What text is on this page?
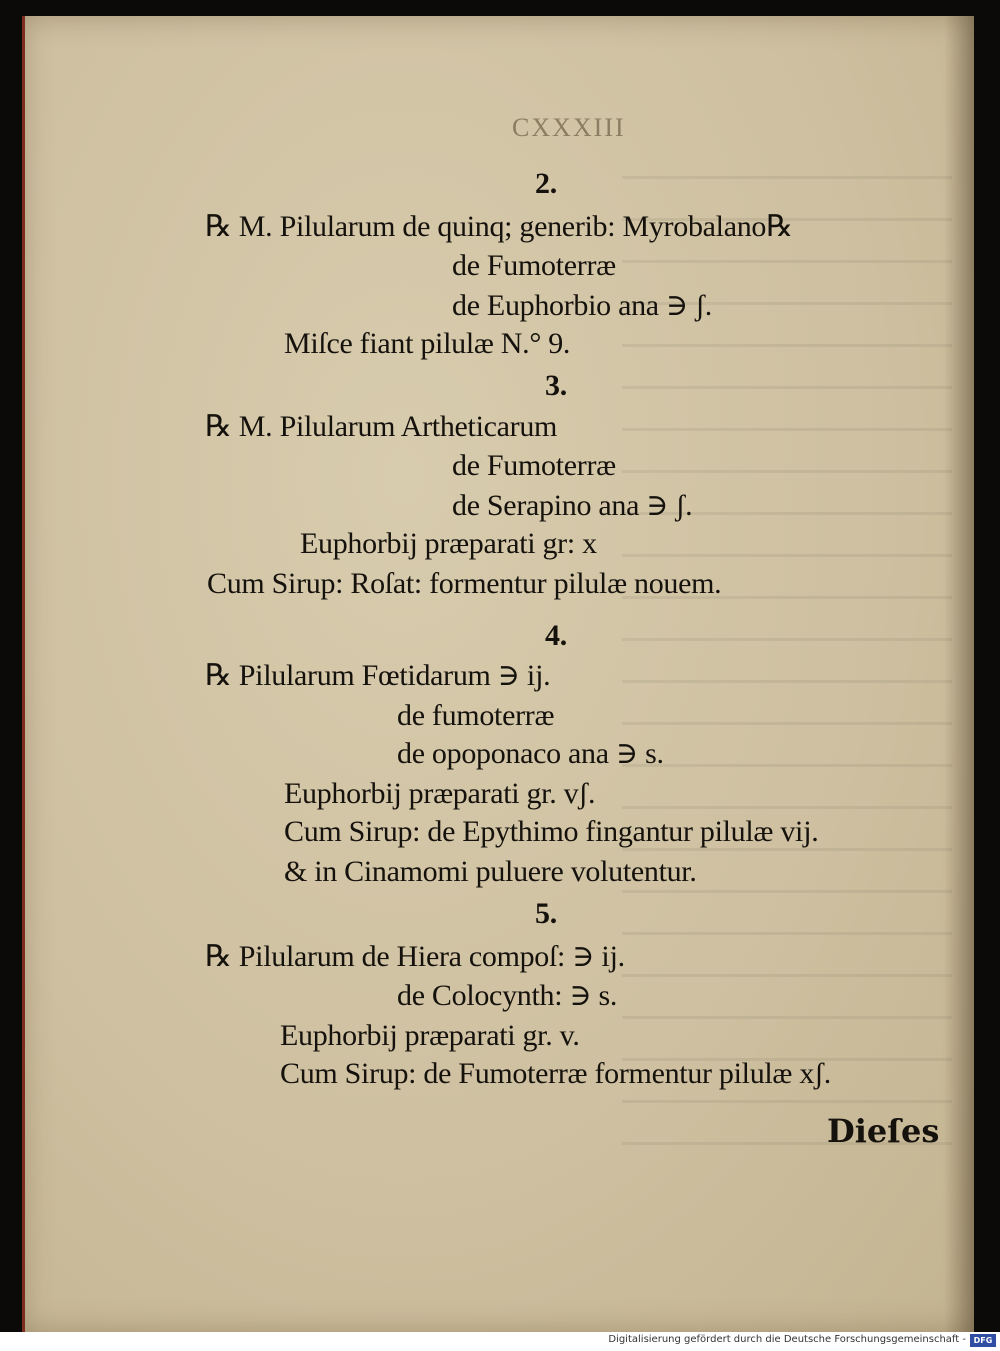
CXXXIII
2.
℞ M. Pilularum de quinq; generib: Myrobalano℞
de Fumoterræ
de Euphorbio ana ∋ ʃ.
Miſce fiant pilulæ N.° 9.
3.
℞ M. Pilularum Artheticarum
de Fumoterræ
de Serapino ana ∋ ʃ.
Euphorbĳ præparati gr: x
Cum Sirup: Roſat: formentur pilulæ nouem.
4.
℞ Pilularum Fœtidarum ∋ ĳ.
de fumoterræ
de opoponaco ana ∋ s.
Euphorbĳ præparati gr. vʃ.
Cum Sirup: de Epythimo fingantur pilulæ vĳ.
& in Cinamomi puluere volutentur.
5.
℞ Pilularum de Hiera compoſ: ∋ ĳ.
de Colocynth: ∋ s.
Euphorbĳ præparati gr. v.
Cum Sirup: de Fumoterræ formentur pilulæ xʃ.
Dieſes
Digitalisierung gefördert durch die Deutsche Forschungsgemeinschaft - DFG
